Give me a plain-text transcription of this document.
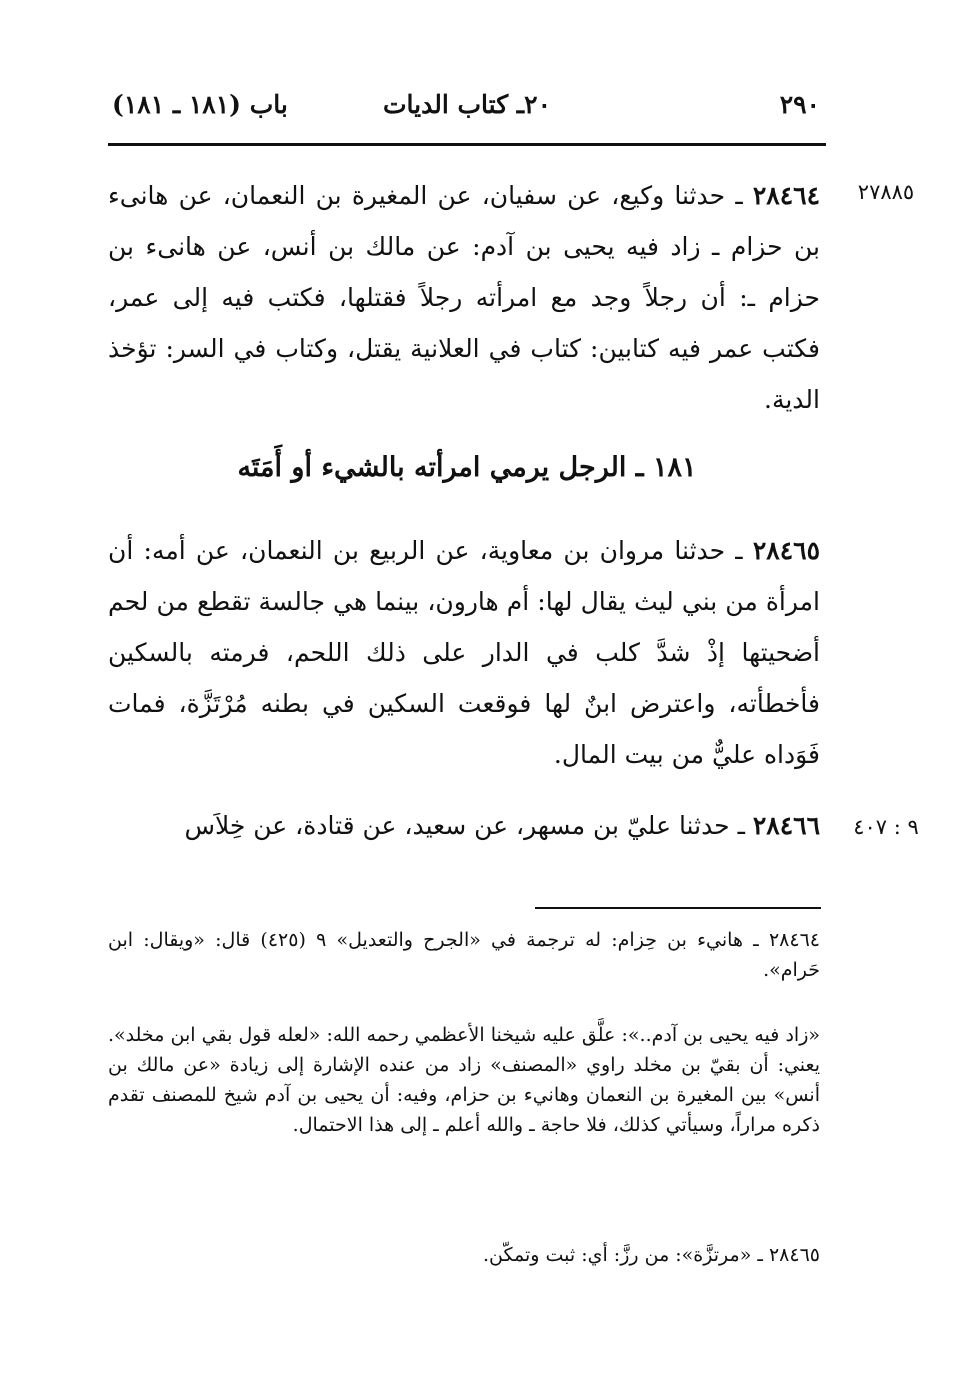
٢٩٠
٢٠ـ كتاب الديات
باب (١٨١ ـ ١٨١)
٢٧٨٨٥
٢٨٤٦٤ ـ حدثنا وكيع، عن سفيان، عن المغيرة بن النعمان، عن هانىء بن حزام ـ زاد فيه يحيى بن آدم: عن مالك بن أنس، عن هانىء بن حزام ـ: أن رجلاً وجد مع امرأته رجلاً فقتلها، فكتب فيه إلى عمر، فكتب عمر فيه كتابين: كتاب في العلانية يقتل، وكتاب في السر: تؤخذ الدية.
١٨١ ـ الرجل يرمي امرأته بالشيء أو أَمَتَه
٢٨٤٦٥ ـ حدثنا مروان بن معاوية، عن الربيع بن النعمان، عن أمه: أن امرأة من بني ليث يقال لها: أم هارون، بينما هي جالسة تقطع من لحم أضحيتها إذْ شدَّ كلب في الدار على ذلك اللحم، فرمته بالسكين فأخطأته، واعترض ابنٌ لها فوقعت السكين في بطنه مُرْتَزَّة، فمات فَوَداه عليٌّ من بيت المال.
٩ : ٤٠٧
٢٨٤٦٦ ـ حدثنا عليّ بن مسهر، عن سعيد، عن قتادة، عن خِلاَس
٢٨٤٦٤ ـ هانيء بن حِزام: له ترجمة في «الجرح والتعديل» ٩ (٤٢٥) قال: «ويقال: ابن حَرام».
«زاد فيه يحيى بن آدم..»: علَّق عليه شيخنا الأعظمي رحمه الله: «لعله قول بقي ابن مخلد». يعني: أن بقيّ بن مخلد راوي «المصنف» زاد من عنده الإشارة إلى زيادة «عن مالك بن أنس» بين المغيرة بن النعمان وهانيء بن حزام، وفيه: أن يحيى بن آدم شيخ للمصنف تقدم ذكره مراراً، وسيأتي كذلك، فلا حاجة ـ والله أعلم ـ إلى هذا الاحتمال.
٢٨٤٦٥ ـ «مرتزَّة»: من رزَّ: أي: ثبت وتمكّن.
